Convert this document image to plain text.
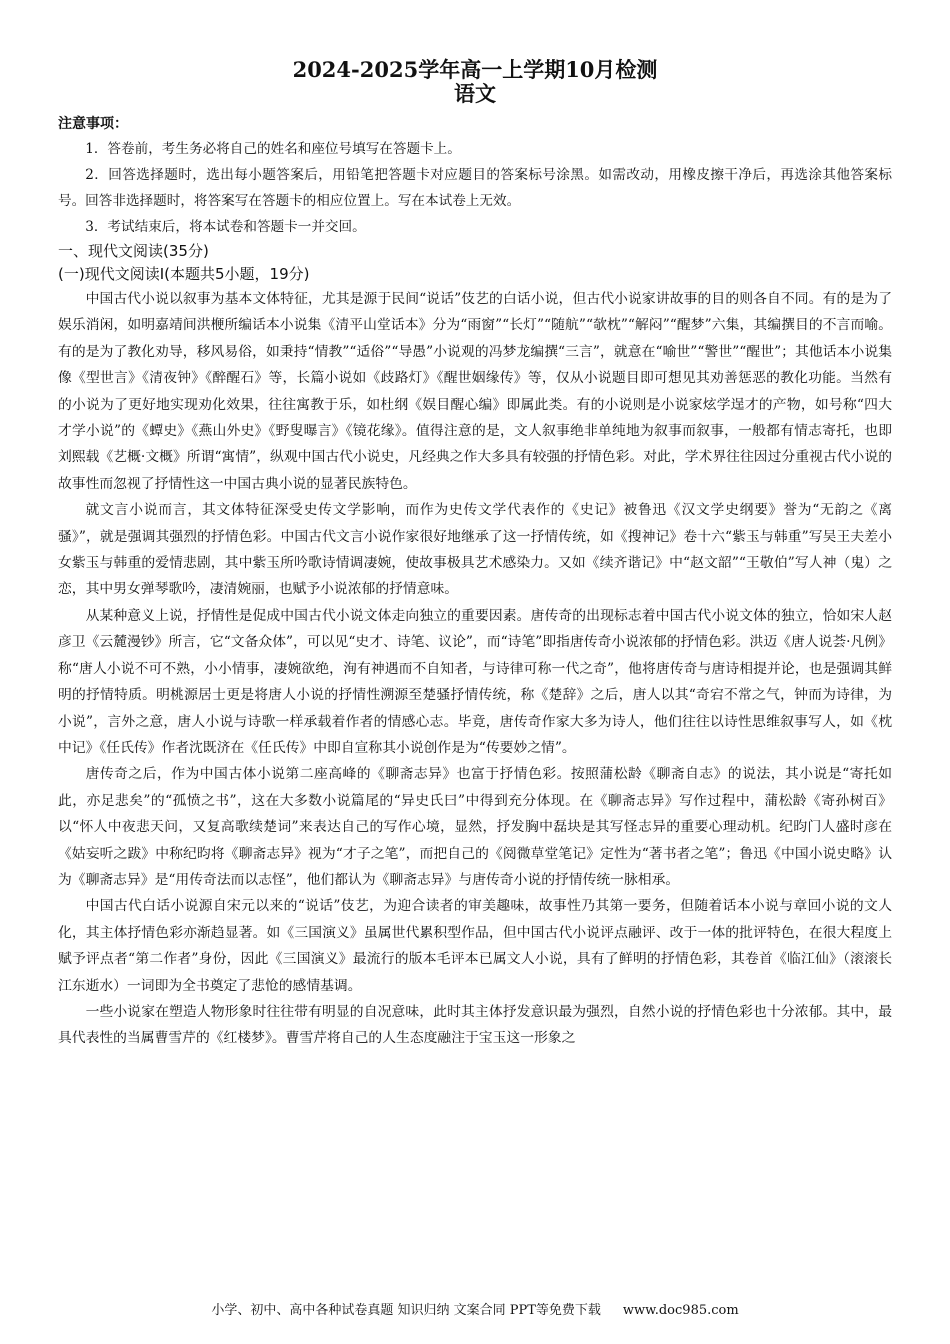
2024-2025学年高一上学期10月检测
语文

注意事项：

1．答卷前，考生务必将自己的姓名和座位号填写在答题卡上。

2．回答选择题时，选出每小题答案后，用铅笔把答题卡对应题目的答案标号涂黑。如需改动，用橡皮擦干净后，再选涂其他答案标号。回答非选择题时，将答案写在答题卡的相应位置上。写在本试卷上无效。

3．考试结束后，将本试卷和答题卡一并交回。

一、现代文阅读(35分)

(一)现代文阅读Ⅰ(本题共5小题，19分)

中国古代小说以叙事为基本文体特征，尤其是源于民间“说话”伎艺的白话小说，但古代小说家讲故事的目的则各自不同。有的是为了娱乐消闲，如明嘉靖间洪楩所编话本小说集《清平山堂话本》分为“雨窗”“长灯”“随航”“欹枕”“解闷”“醒梦”六集，其编撰目的不言而喻。有的是为了教化劝导，移风易俗，如秉持“情教”“适俗”“导愚”小说观的冯梦龙编撰“三言”，就意在“喻世”“警世”“醒世”；其他话本小说集像《型世言》《清夜钟》《醉醒石》等，长篇小说如《歧路灯》《醒世姻缘传》等，仅从小说题目即可想见其劝善惩恶的教化功能。当然有的小说为了更好地实现劝化效果，往往寓教于乐，如杜纲《娱目醒心编》即属此类。有的小说则是小说家炫学逞才的产物，如号称“四大才学小说”的《蟫史》《燕山外史》《野叟曝言》《镜花缘》。值得注意的是，文人叙事绝非单纯地为叙事而叙事，一般都有情志寄托，也即刘熙载《艺概·文概》所谓“寓情”，纵观中国古代小说史，凡经典之作大多具有较强的抒情色彩。对此，学术界往往因过分重视古代小说的故事性而忽视了抒情性这一中国古典小说的显著民族特色。

就文言小说而言，其文体特征深受史传文学影响，而作为史传文学代表作的《史记》被鲁迅《汉文学史纲要》誉为“无韵之《离骚》”，就是强调其强烈的抒情色彩。中国古代文言小说作家很好地继承了这一抒情传统，如《搜神记》卷十六“紫玉与韩重”写吴王夫差小女紫玉与韩重的爱情悲剧，其中紫玉所吟歌诗情调凄婉，使故事极具艺术感染力。又如《续齐谐记》中“赵文韶”“王敬伯”写人神（鬼）之恋，其中男女弹琴歌吟，凄清婉丽，也赋予小说浓郁的抒情意味。

从某种意义上说，抒情性是促成中国古代小说文体走向独立的重要因素。唐传奇的出现标志着中国古代小说文体的独立，恰如宋人赵彦卫《云麓漫钞》所言，它“文备众体”，可以见“史才、诗笔、议论”，而“诗笔”即指唐传奇小说浓郁的抒情色彩。洪迈《唐人说荟·凡例》称“唐人小说不可不熟，小小情事，凄婉欲绝，洵有神遇而不自知者，与诗律可称一代之奇”，他将唐传奇与唐诗相提并论，也是强调其鲜明的抒情特质。明桃源居士更是将唐人小说的抒情性溯源至楚骚抒情传统，称《楚辞》之后，唐人以其“奇宕不常之气，钟而为诗律，为小说”，言外之意，唐人小说与诗歌一样承载着作者的情感心志。毕竟，唐传奇作家大多为诗人，他们往往以诗性思维叙事写人，如《枕中记》《任氏传》作者沈既济在《任氏传》中即自宣称其小说创作是为“传要妙之情”。

唐传奇之后，作为中国古体小说第二座高峰的《聊斋志异》也富于抒情色彩。按照蒲松龄《聊斋自志》的说法，其小说是“寄托如此，亦足悲矣”的“孤愤之书”，这在大多数小说篇尾的“异史氏曰”中得到充分体现。在《聊斋志异》写作过程中，蒲松龄《寄孙树百》以“怀人中夜悲天问，又复高歌续楚词”来表达自己的写作心境，显然，抒发胸中磊块是其写怪志异的重要心理动机。纪昀门人盛时彦在《姑妄听之跋》中称纪昀将《聊斋志异》视为“才子之笔”，而把自己的《阅微草堂笔记》定性为“著书者之笔”；鲁迅《中国小说史略》认为《聊斋志异》是“用传奇法而以志怪”，他们都认为《聊斋志异》与唐传奇小说的抒情传统一脉相承。

中国古代白话小说源自宋元以来的“说话”伎艺，为迎合读者的审美趣味，故事性乃其第一要务，但随着话本小说与章回小说的文人化，其主体抒情色彩亦渐趋显著。如《三国演义》虽属世代累积型作品，但中国古代小说评点融评、改于一体的批评特色，在很大程度上赋予评点者“第二作者”身份，因此《三国演义》最流行的版本毛评本已属文人小说，具有了鲜明的抒情色彩，其卷首《临江仙》（滚滚长江东逝水）一词即为全书奠定了悲怆的感情基调。

一些小说家在塑造人物形象时往往带有明显的自况意味，此时其主体抒发意识最为强烈，自然小说的抒情色彩也十分浓郁。其中，最具代表性的当属曹雪芹的《红楼梦》。曹雪芹将自己的人生态度融注于宝玉这一形象之

小学、初中、高中各种试卷真题 知识归纳 文案合同 PPT等免费下载 www.doc985.com
